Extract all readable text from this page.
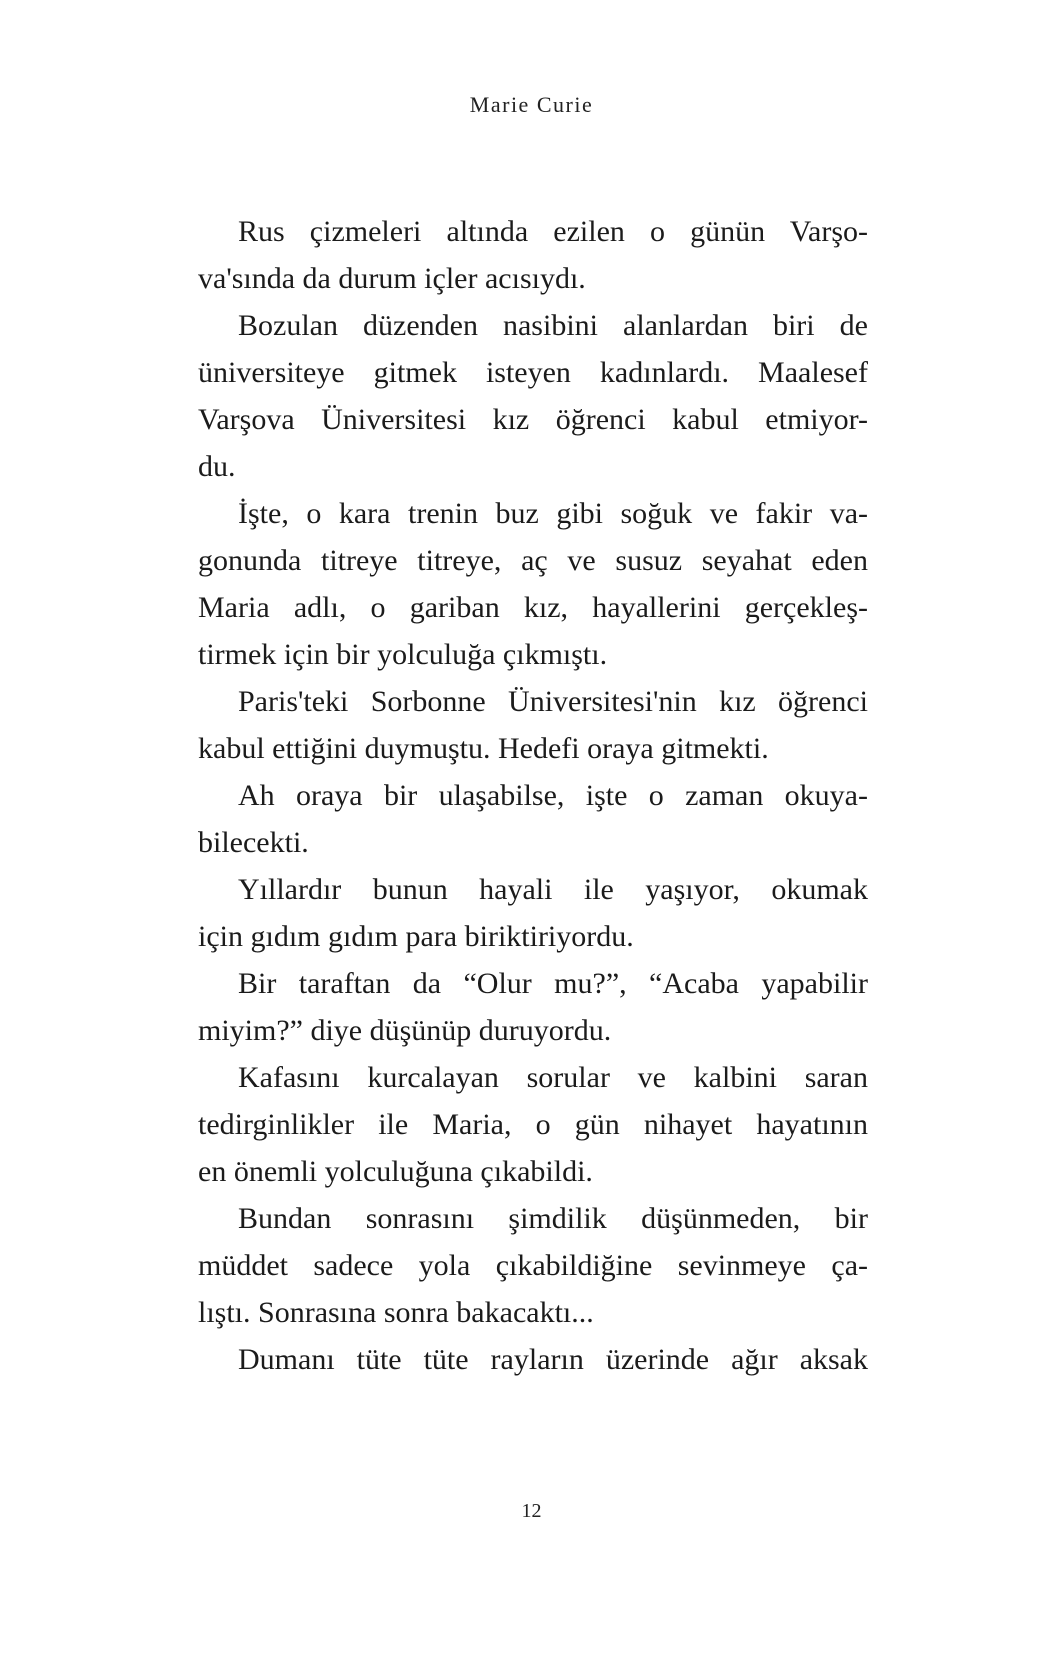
Marie Curie
Rus çizmeleri altında ezilen o günün Varşo-
va'sında da durum içler acısıydı.
Bozulan düzenden nasibini alanlardan biri de
üniversiteye gitmek isteyen kadınlardı. Maalesef
Varşova Üniversitesi kız öğrenci kabul etmiyor-
du.
İşte, o kara trenin buz gibi soğuk ve fakir va-
gonunda titreye titreye, aç ve susuz seyahat eden
Maria adlı, o gariban kız, hayallerini gerçekleş-
tirmek için bir yolculuğa çıkmıştı.
Paris'teki Sorbonne Üniversitesi'nin kız öğrenci
kabul ettiğini duymuştu. Hedefi oraya gitmekti.
Ah oraya bir ulaşabilse, işte o zaman okuya-
bilecekti.
Yıllardır bunun hayali ile yaşıyor, okumak
için gıdım gıdım para biriktiriyordu.
Bir taraftan da “Olur mu?”, “Acaba yapabilir
miyim?” diye düşünüp duruyordu.
Kafasını kurcalayan sorular ve kalbini saran
tedirginlikler ile Maria, o gün nihayet hayatının
en önemli yolculuğuna çıkabildi.
Bundan sonrasını şimdilik düşünmeden, bir
müddet sadece yola çıkabildiğine sevinmeye ça-
lıştı. Sonrasına sonra bakacaktı...
Dumanı tüte tüte rayların üzerinde ağır aksak
12
